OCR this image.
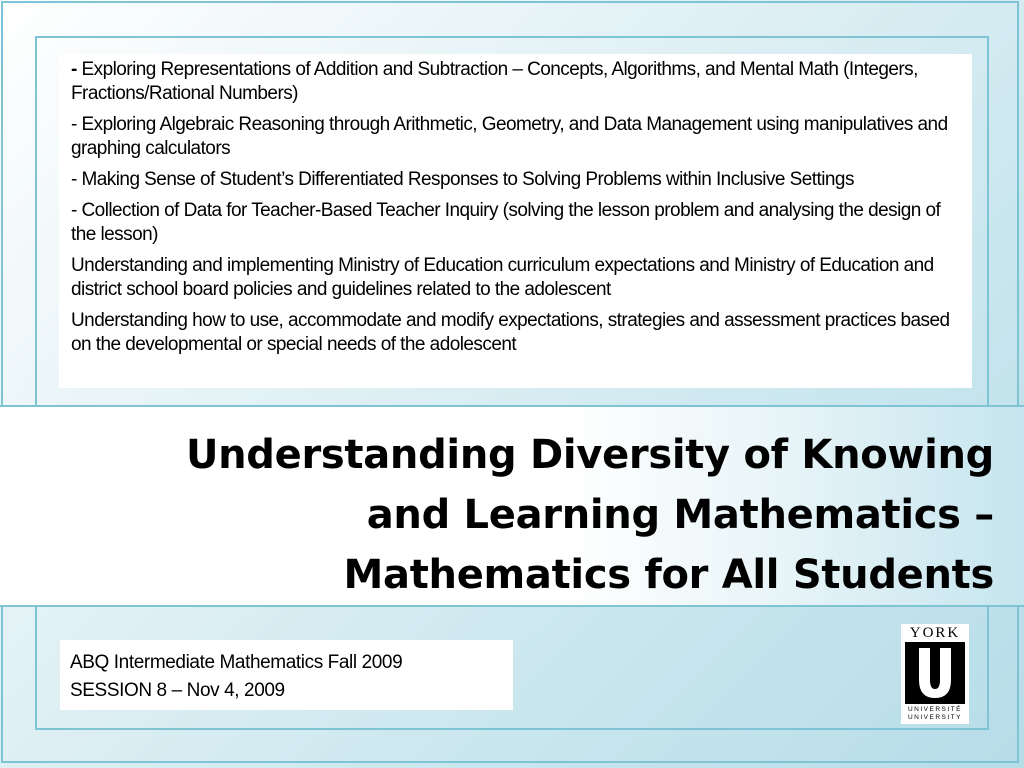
- Exploring Representations of Addition and Subtraction – Concepts, Algorithms, and Mental Math (Integers, Fractions/Rational Numbers)
- Exploring Algebraic Reasoning through Arithmetic, Geometry, and Data Management using manipulatives and graphing calculators
- Making Sense of Student’s Differentiated Responses to Solving Problems within Inclusive Settings
- Collection of Data for Teacher-Based Teacher Inquiry (solving the lesson problem and analysing the design of the lesson)
Understanding and implementing Ministry of Education curriculum expectations and Ministry of Education and district school board policies and guidelines related to the adolescent
Understanding how to use, accommodate and modify expectations, strategies and assessment practices based on the developmental or special needs of the adolescent
Understanding Diversity of Knowing
and Learning Mathematics –
Mathematics for All Students
ABQ Intermediate Mathematics Fall 2009
SESSION 8 – Nov 4, 2009
YORK
UNIVERSITÉ
UNIVERSITY
